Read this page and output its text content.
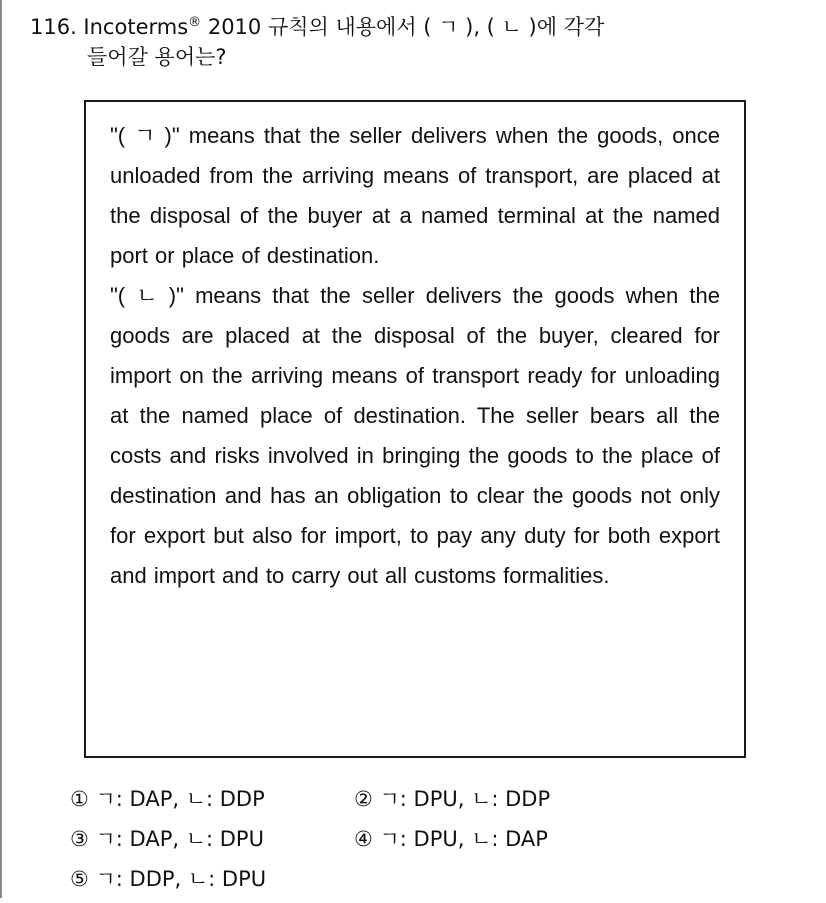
116. Incoterms® 2010 규칙의 내용에서 ( ㄱ ), ( ㄴ )에 각각
들어갈 용어는?

"( ㄱ )" means that the seller delivers when the goods, once unloaded from the arriving means of transport, are placed at the disposal of the buyer at a named terminal at the named port or place of destination.

"( ㄴ )" means that the seller delivers the goods when the goods are placed at the disposal of the buyer, cleared for import on the arriving means of transport ready for unloading at the named place of destination. The seller bears all the costs and risks involved in bringing the goods to the place of destination and has an obligation to clear the goods not only for export but also for import, to pay any duty for both export and import and to carry out all customs formalities.

① ㄱ: DAP, ㄴ: DDP	② ㄱ: DPU, ㄴ: DDP
③ ㄱ: DAP, ㄴ: DPU	④ ㄱ: DPU, ㄴ: DAP
⑤ ㄱ: DDP, ㄴ: DPU
